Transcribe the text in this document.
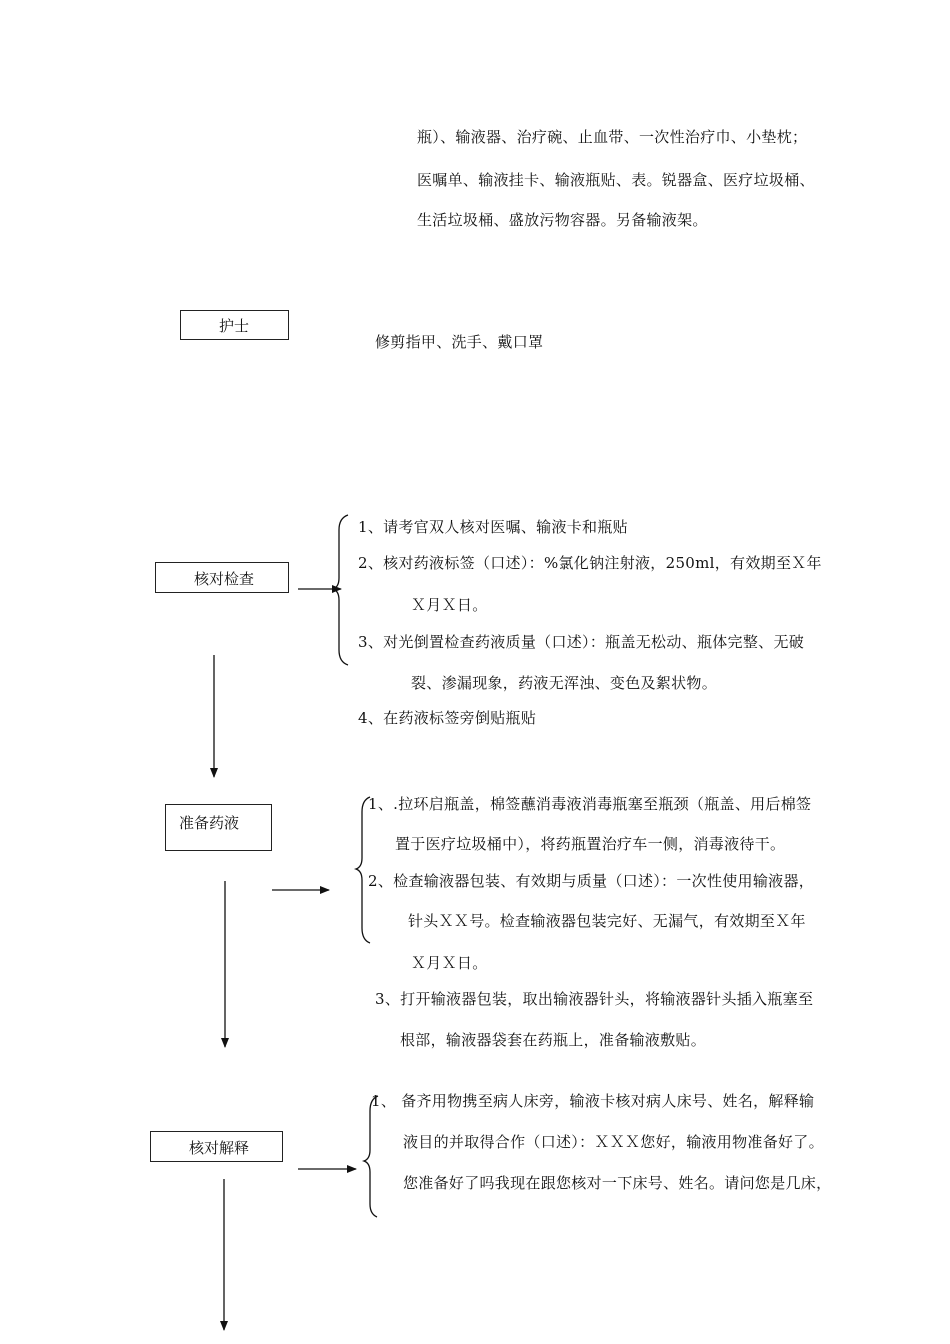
瓶）、输液器、治疗碗、止血带、一次性治疗巾、小垫枕；
医嘱单、输液挂卡、输液瓶贴、表。锐器盒、医疗垃圾桶、
生活垃圾桶、盛放污物容器。另备输液架。
护士
修剪指甲、洗手、戴口罩
核对检查
1、请考官双人核对医嘱、输液卡和瓶贴
2、核对药液标签（口述）：%氯化钠注射液，250ml，有效期至Ｘ年
Ｘ月Ｘ日。
3、对光倒置检查药液质量（口述）：瓶盖无松动、瓶体完整、无破
裂、渗漏现象，药液无浑浊、变色及絮状物。
4、在药液标签旁倒贴瓶贴
准备药液
1、.拉环启瓶盖，棉签蘸消毒液消毒瓶塞至瓶颈（瓶盖、用后棉签
置于医疗垃圾桶中），将药瓶置治疗车一侧，消毒液待干。
2、检查输液器包装、有效期与质量（口述）：一次性使用输液器，
针头ＸＸ号。检查输液器包装完好、无漏气，有效期至Ｘ年
Ｘ月Ｘ日。
3、打开输液器包装，取出输液器针头，将输液器针头插入瓶塞至
根部，输液器袋套在药瓶上，准备输液敷贴。
核对解释
1、 备齐用物携至病人床旁，输液卡核对病人床号、姓名，解释输
液目的并取得合作（口述）：ＸＸＸ您好，输液用物准备好了。
您准备好了吗我现在跟您核对一下床号、姓名。请问您是几床，
